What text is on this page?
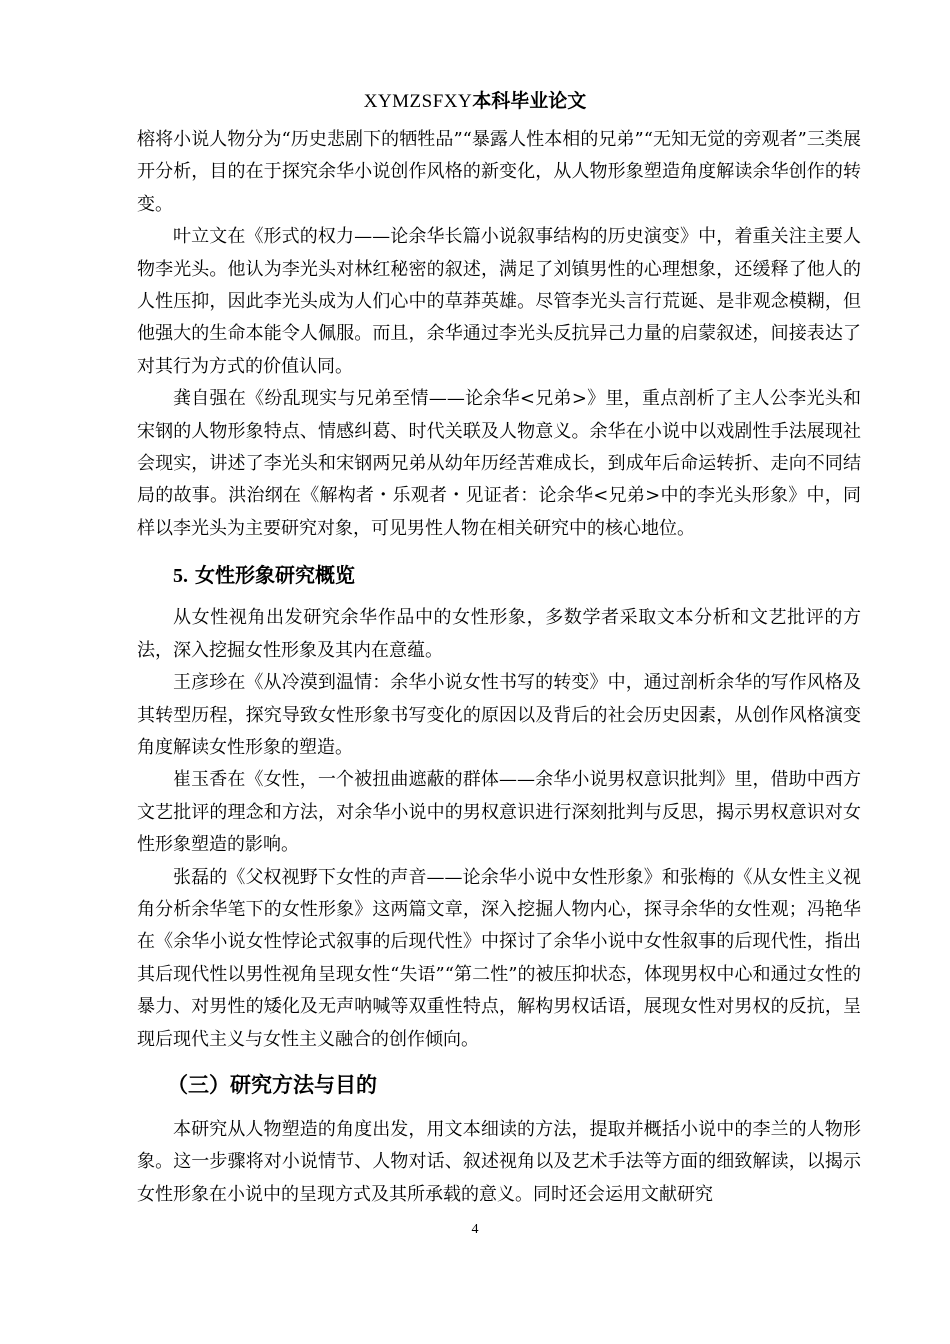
XYMZSFXY本科毕业论文

榕将小说人物分为“历史悲剧下的牺牲品”“暴露人性本相的兄弟”“无知无觉的旁观者”三类展开分析，目的在于探究余华小说创作风格的新变化，从人物形象塑造角度解读余华创作的转变。

叶立文在《形式的权力——论余华长篇小说叙事结构的历史演变》中，着重关注主要人物李光头。他认为李光头对林红秘密的叙述，满足了刘镇男性的心理想象，还缓释了他人的人性压抑，因此李光头成为人们心中的草莽英雄。尽管李光头言行荒诞、是非观念模糊，但他强大的生命本能令人佩服。而且，余华通过李光头反抗异己力量的启蒙叙述，间接表达了对其行为方式的价值认同。

龚自强在《纷乱现实与兄弟至情——论余华<兄弟>》里，重点剖析了主人公李光头和宋钢的人物形象特点、情感纠葛、时代关联及人物意义。余华在小说中以戏剧性手法展现社会现实，讲述了李光头和宋钢两兄弟从幼年历经苦难成长，到成年后命运转折、走向不同结局的故事。洪治纲在《解构者・乐观者・见证者：论余华<兄弟>中的李光头形象》中，同样以李光头为主要研究对象，可见男性人物在相关研究中的核心地位。

5. 女性形象研究概览

从女性视角出发研究余华作品中的女性形象，多数学者采取文本分析和文艺批评的方法，深入挖掘女性形象及其内在意蕴。

王彦珍在《从冷漠到温情：余华小说女性书写的转变》中，通过剖析余华的写作风格及其转型历程，探究导致女性形象书写变化的原因以及背后的社会历史因素，从创作风格演变角度解读女性形象的塑造。

崔玉香在《女性，一个被扭曲遮蔽的群体——余华小说男权意识批判》里，借助中西方文艺批评的理念和方法，对余华小说中的男权意识进行深刻批判与反思，揭示男权意识对女性形象塑造的影响。

张磊的《父权视野下女性的声音——论余华小说中女性形象》和张梅的《从女性主义视角分析余华笔下的女性形象》这两篇文章，深入挖掘人物内心，探寻余华的女性观；冯艳华在《余华小说女性悖论式叙事的后现代性》中探讨了余华小说中女性叙事的后现代性，指出其后现代性以男性视角呈现女性“失语”“第二性”的被压抑状态，体现男权中心和通过女性的暴力、对男性的矮化及无声呐喊等双重性特点，解构男权话语，展现女性对男权的反抗，呈现后现代主义与女性主义融合的创作倾向。

（三）研究方法与目的

本研究从人物塑造的角度出发，用文本细读的方法，提取并概括小说中的李兰的人物形象。这一步骤将对小说情节、人物对话、叙述视角以及艺术手法等方面的细致解读，以揭示女性形象在小说中的呈现方式及其所承载的意义。同时还会运用文献研究

4
